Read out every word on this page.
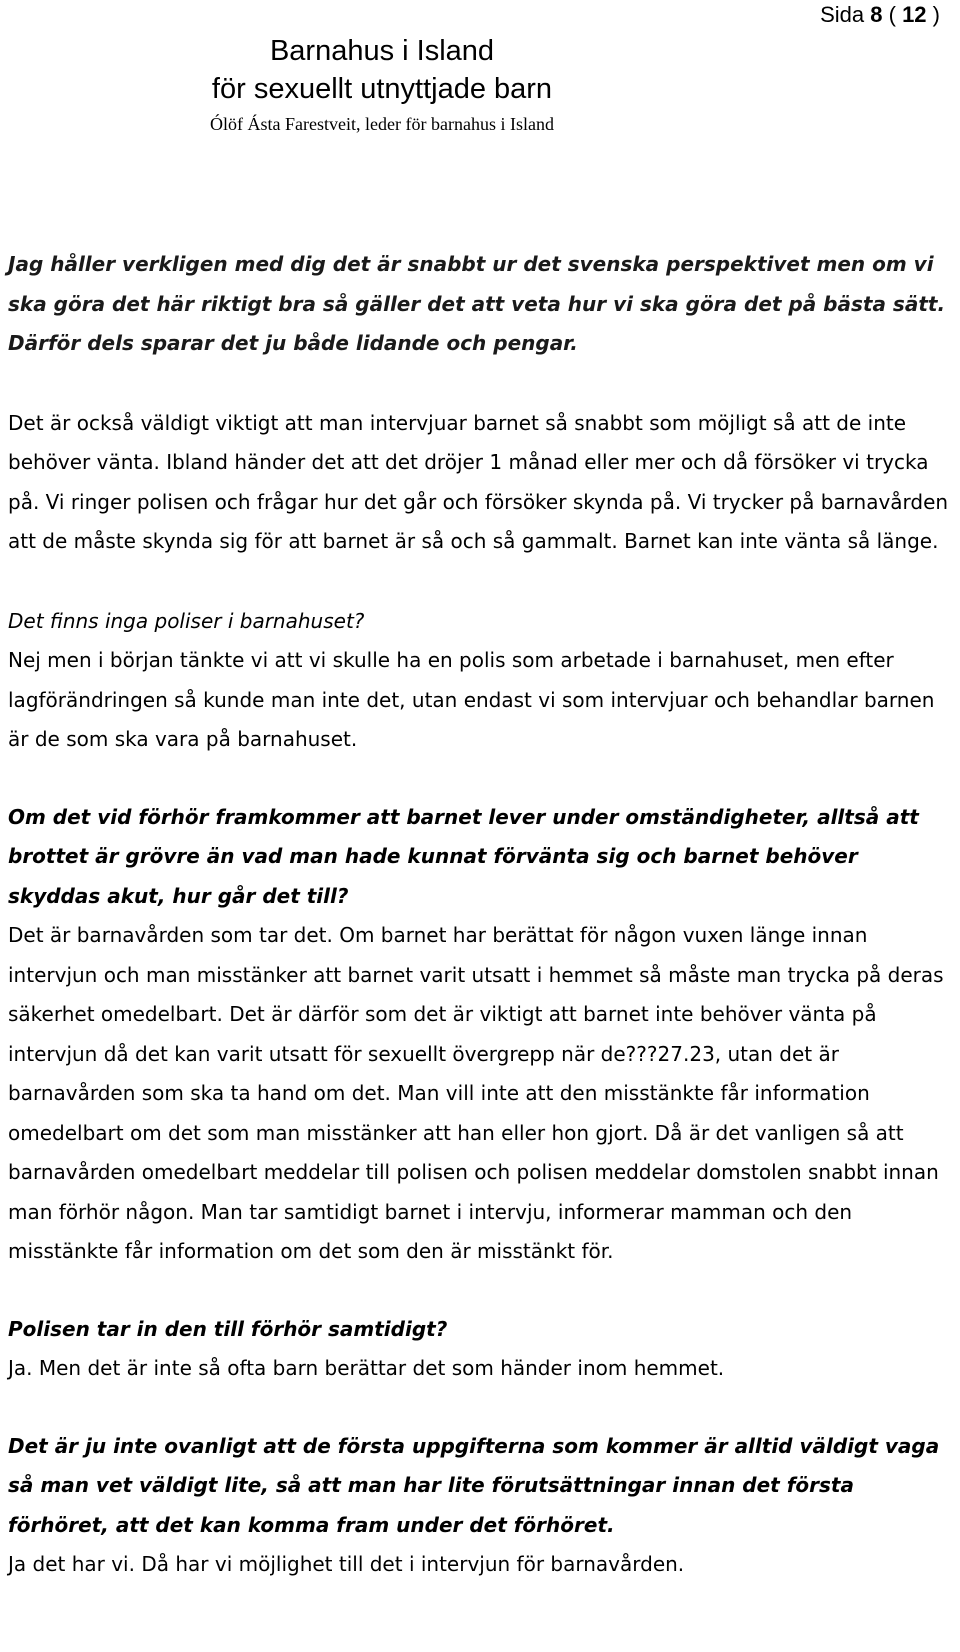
Sida 8 ( 12 )
Barnahus i Island
för sexuellt utnyttjade barn
Ólöf Ásta Farestveit, leder för barnahus i Island

Jag håller verkligen med dig det är snabbt ur det svenska perspektivet men om vi ska göra det här riktigt bra så gäller det att veta hur vi ska göra det på bästa sätt. Därför dels sparar det ju både lidande och pengar.

Det är också väldigt viktigt att man intervjuar barnet så snabbt som möjligt så att de inte behöver vänta. Ibland händer det att det dröjer 1 månad eller mer och då försöker vi trycka på. Vi ringer polisen och frågar hur det går och försöker skynda på. Vi trycker på barnavården att de måste skynda sig för att barnet är så och så gammalt. Barnet kan inte vänta så länge.

Det finns inga poliser i barnahuset?

Nej men i början tänkte vi att vi skulle ha en polis som arbetade i barnahuset, men efter lagförändringen så kunde man inte det, utan endast vi som intervjuar och behandlar barnen är de som ska vara på barnahuset.

Om det vid förhör framkommer att barnet lever under omständigheter, alltså att brottet är grövre än vad man hade kunnat förvänta sig och barnet behöver skyddas akut, hur går det till?

Det är barnavården som tar det. Om barnet har berättat för någon vuxen länge innan intervjun och man misstänker att barnet varit utsatt i hemmet så måste man trycka på deras säkerhet omedelbart. Det är därför som det är viktigt att barnet inte behöver vänta på intervjun då det kan varit utsatt för sexuellt övergrepp när de???27.23, utan det är barnavården som ska ta hand om det. Man vill inte att den misstänkte får information omedelbart om det som man misstänker att han eller hon gjort. Då är det vanligen så att barnavården omedelbart meddelar till polisen och polisen meddelar domstolen snabbt innan man förhör någon. Man tar samtidigt barnet i intervju, informerar mamman och den misstänkte får information om det som den är misstänkt för.

Polisen tar in den till förhör samtidigt?

Ja. Men det är inte så ofta barn berättar det som händer inom hemmet.

Det är ju inte ovanligt att de första uppgifterna som kommer är alltid väldigt vaga så man vet väldigt lite, så att man har lite förutsättningar innan det första förhöret, att det kan komma fram under det förhöret.

Ja det har vi. Då har vi möjlighet till det i intervjun för barnavården.
